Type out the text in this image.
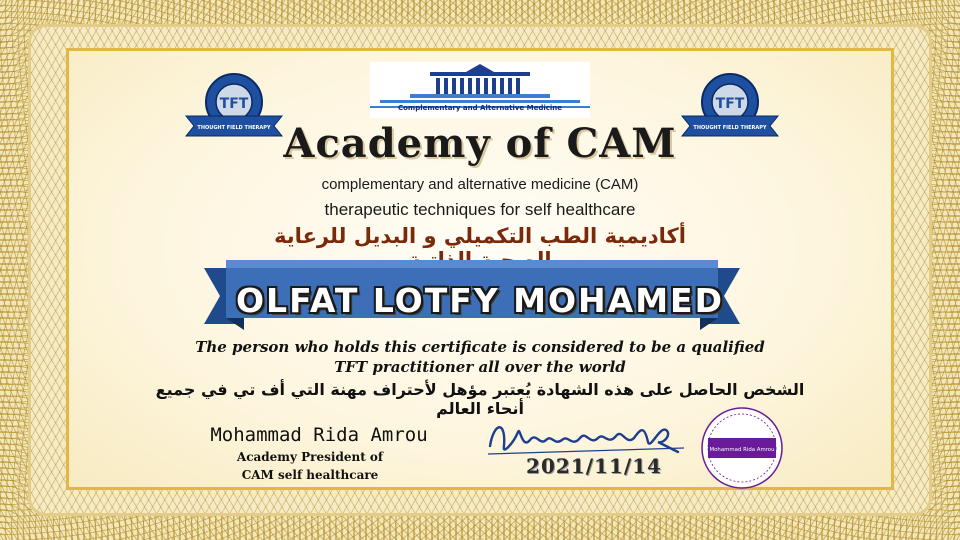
Complementary and Alternative Medicine
TFT
THOUGHT FIELD THERAPY
TFT
THOUGHT FIELD THERAPY
Academy of CAM
complementary and alternative medicine (CAM)
therapeutic techniques for self healthcare
أكاديمية الطب التكميلي و البديل للرعاية
OLFAT LOTFY MOHAMED
The person who holds this certificate is considered to be a qualified
TFT practitioner all over the world
الشخص الحاصل على هذه الشهادة يُعتبر مؤهل لأحتراف مهنة التي أف تي في جميع أنحاء العالم
Mohammad Rida Amrou
Academy President of
CAM self healthcare	2021/11/14
Mohammad Rida Amrou
